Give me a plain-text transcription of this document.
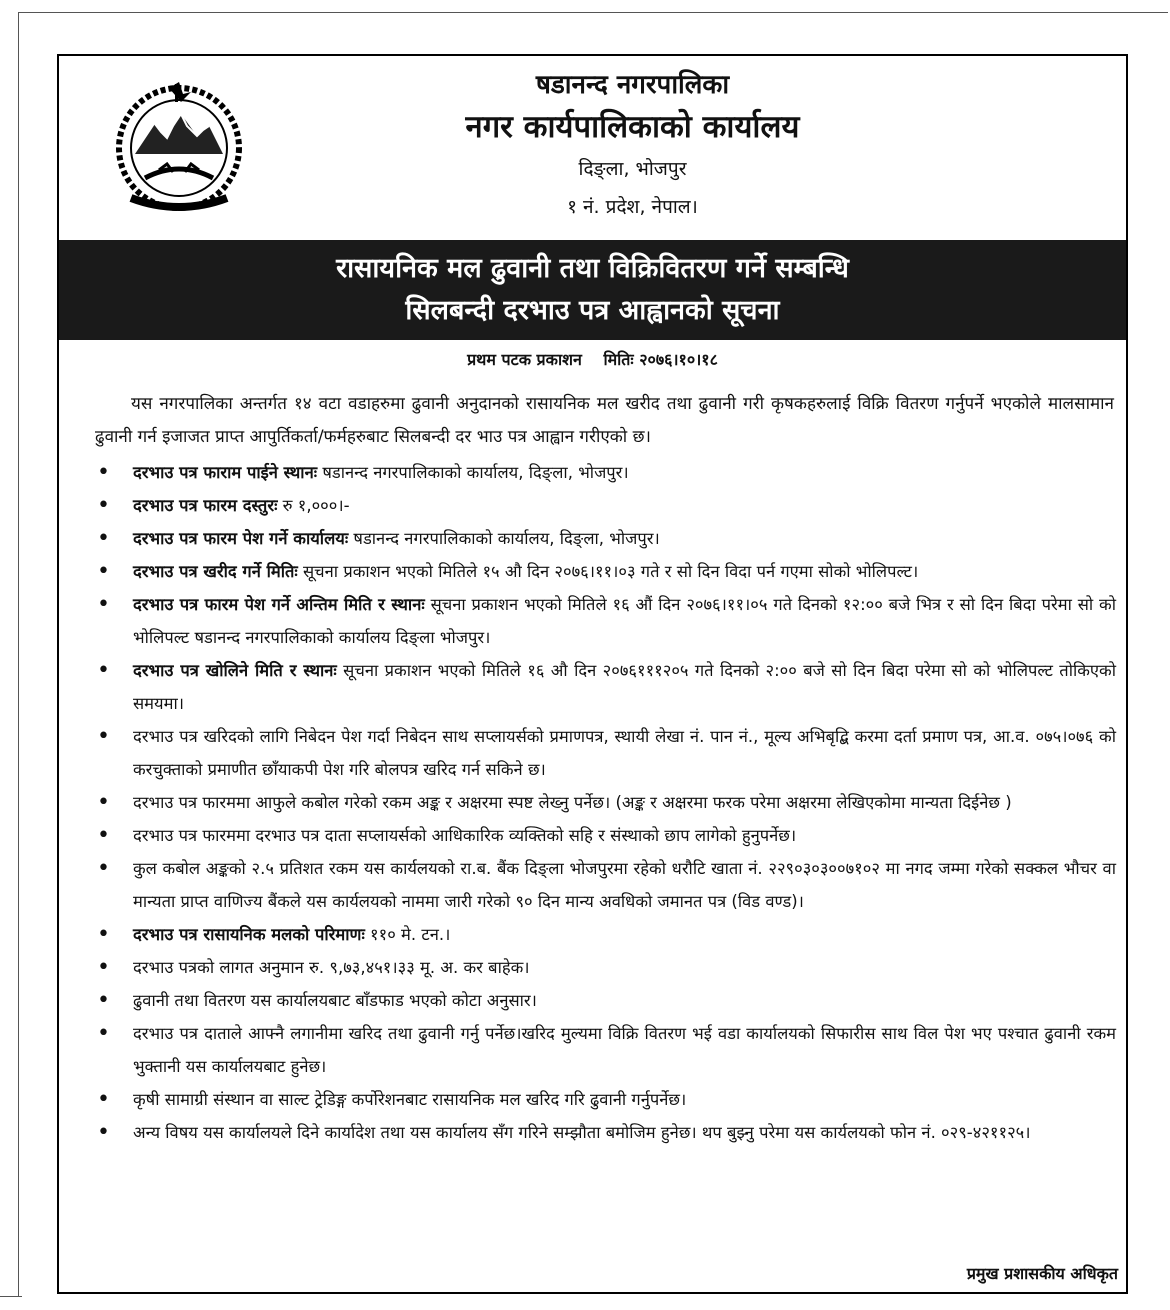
षडानन्द नगरपालिका
नगर कार्यपालिकाको कार्यालय
दिङ्ला, भोजपुर
१ नं. प्रदेश, नेपाल।
रासायनिक मल ढुवानी तथा विक्रिवितरण गर्ने सम्बन्धि
सिलबन्दी दरभाउ पत्र आह्वानको सूचना
प्रथम पटक प्रकाशन मितिः २०७६।१०।१८
यस नगरपालिका अन्तर्गत १४ वटा वडाहरुमा ढुवानी अनुदानको रासायनिक मल खरीद तथा ढुवानी गरी कृषकहरुलाई विक्रि वितरण गर्नुपर्ने भएकोले मालसामान ढुवानी गर्न इजाजत प्राप्त आपुर्तिकर्ता/फर्महरुबाट सिलबन्दी दर भाउ पत्र आह्वान गरीएको छ।
• दरभाउ पत्र फाराम पाईने स्थानः षडानन्द नगरपालिकाको कार्यालय, दिङ्ला, भोजपुर।
• दरभाउ पत्र फारम दस्तुरः रु १,०००।-
• दरभाउ पत्र फारम पेश गर्ने कार्यालयः षडानन्द नगरपालिकाको कार्यालय, दिङ्ला, भोजपुर।
• दरभाउ पत्र खरीद गर्ने मितिः सूचना प्रकाशन भएको मितिले १५ औ दिन २०७६।११।०३ गते र सो दिन विदा पर्न गएमा सोको भोलिपल्ट।
• दरभाउ पत्र फारम पेश गर्ने अन्तिम मिति र स्थानः सूचना प्रकाशन भएको मितिले १६ औं दिन २०७६।११।०५ गते दिनको १२:०० बजे भित्र र सो दिन बिदा परेमा सो को भोलिपल्ट षडानन्द नगरपालिकाको कार्यालय दिङ्ला भोजपुर।
• दरभाउ पत्र खोलिने मिति र स्थानः सूचना प्रकाशन भएको मितिले १६ औ दिन २०७६१११२०५ गते दिनको २:०० बजे सो दिन बिदा परेमा सो को भोलिपल्ट तोकिएको समयमा।
• दरभाउ पत्र खरिदको लागि निबेदन पेश गर्दा निबेदन साथ सप्लायर्सको प्रमाणपत्र, स्थायी लेखा नं. पान नं., मूल्य अभिबृद्बि करमा दर्ता प्रमाण पत्र, आ.व. ०७५।०७६ को करचुक्ताको प्रमाणीत छाँयाकपी पेश गरि बोलपत्र खरिद गर्न सकिने छ।
• दरभाउ पत्र फारममा आफुले कबोल गरेको रकम अङ्क र अक्षरमा स्पष्ट लेख्नु पर्नेछ। (अङ्क र अक्षरमा फरक परेमा अक्षरमा लेखिएकोमा मान्यता दिईनेछ )
• दरभाउ पत्र फारममा दरभाउ पत्र दाता सप्लायर्सको आधिकारिक व्यक्तिको सहि र संस्थाको छाप लागेको हुनुपर्नेछ।
• कुल कबोल अङ्कको २.५ प्रतिशत रकम यस कार्यलयको रा.ब. बैंक दिङ्ला भोजपुरमा रहेको धरौटि खाता नं. २२९०३०३००७१०२ मा नगद जम्मा गरेको सक्कल भौचर वा मान्यता प्राप्त वाणिज्य बैंकले यस कार्यलयको नाममा जारी गरेको ९० दिन मान्य अवधिको जमानत पत्र (विड वण्ड)।
• दरभाउ पत्र रासायनिक मलको परिमाणः ११० मे. टन.।
• दरभाउ पत्रको लागत अनुमान रु. ९,७३,४५१।३३ मू. अ. कर बाहेक।
• ढुवानी तथा वितरण यस कार्यालयबाट बाँडफाड भएको कोटा अनुसार।
• दरभाउ पत्र दाताले आफ्नै लगानीमा खरिद तथा ढुवानी गर्नु पर्नेछ।खरिद मुल्यमा विक्रि वितरण भई वडा कार्यालयको सिफारीस साथ विल पेश भए पश्चात ढुवानी रकम भुक्तानी यस कार्यालयबाट हुनेछ।
• कृषी सामाग्री संस्थान वा साल्ट ट्रेडिङ्ग कर्पोरेशनबाट रासायनिक मल खरिद गरि ढुवानी गर्नुपर्नेछ।
• अन्य विषय यस कार्यालयले दिने कार्यादेश तथा यस कार्यालय सँग गरिने सम्झौता बमोजिम हुनेछ। थप बुझ्नु परेमा यस कार्यलयको फोन नं. ०२९-४२११२५।
प्रमुख प्रशासकीय अधिकृत
